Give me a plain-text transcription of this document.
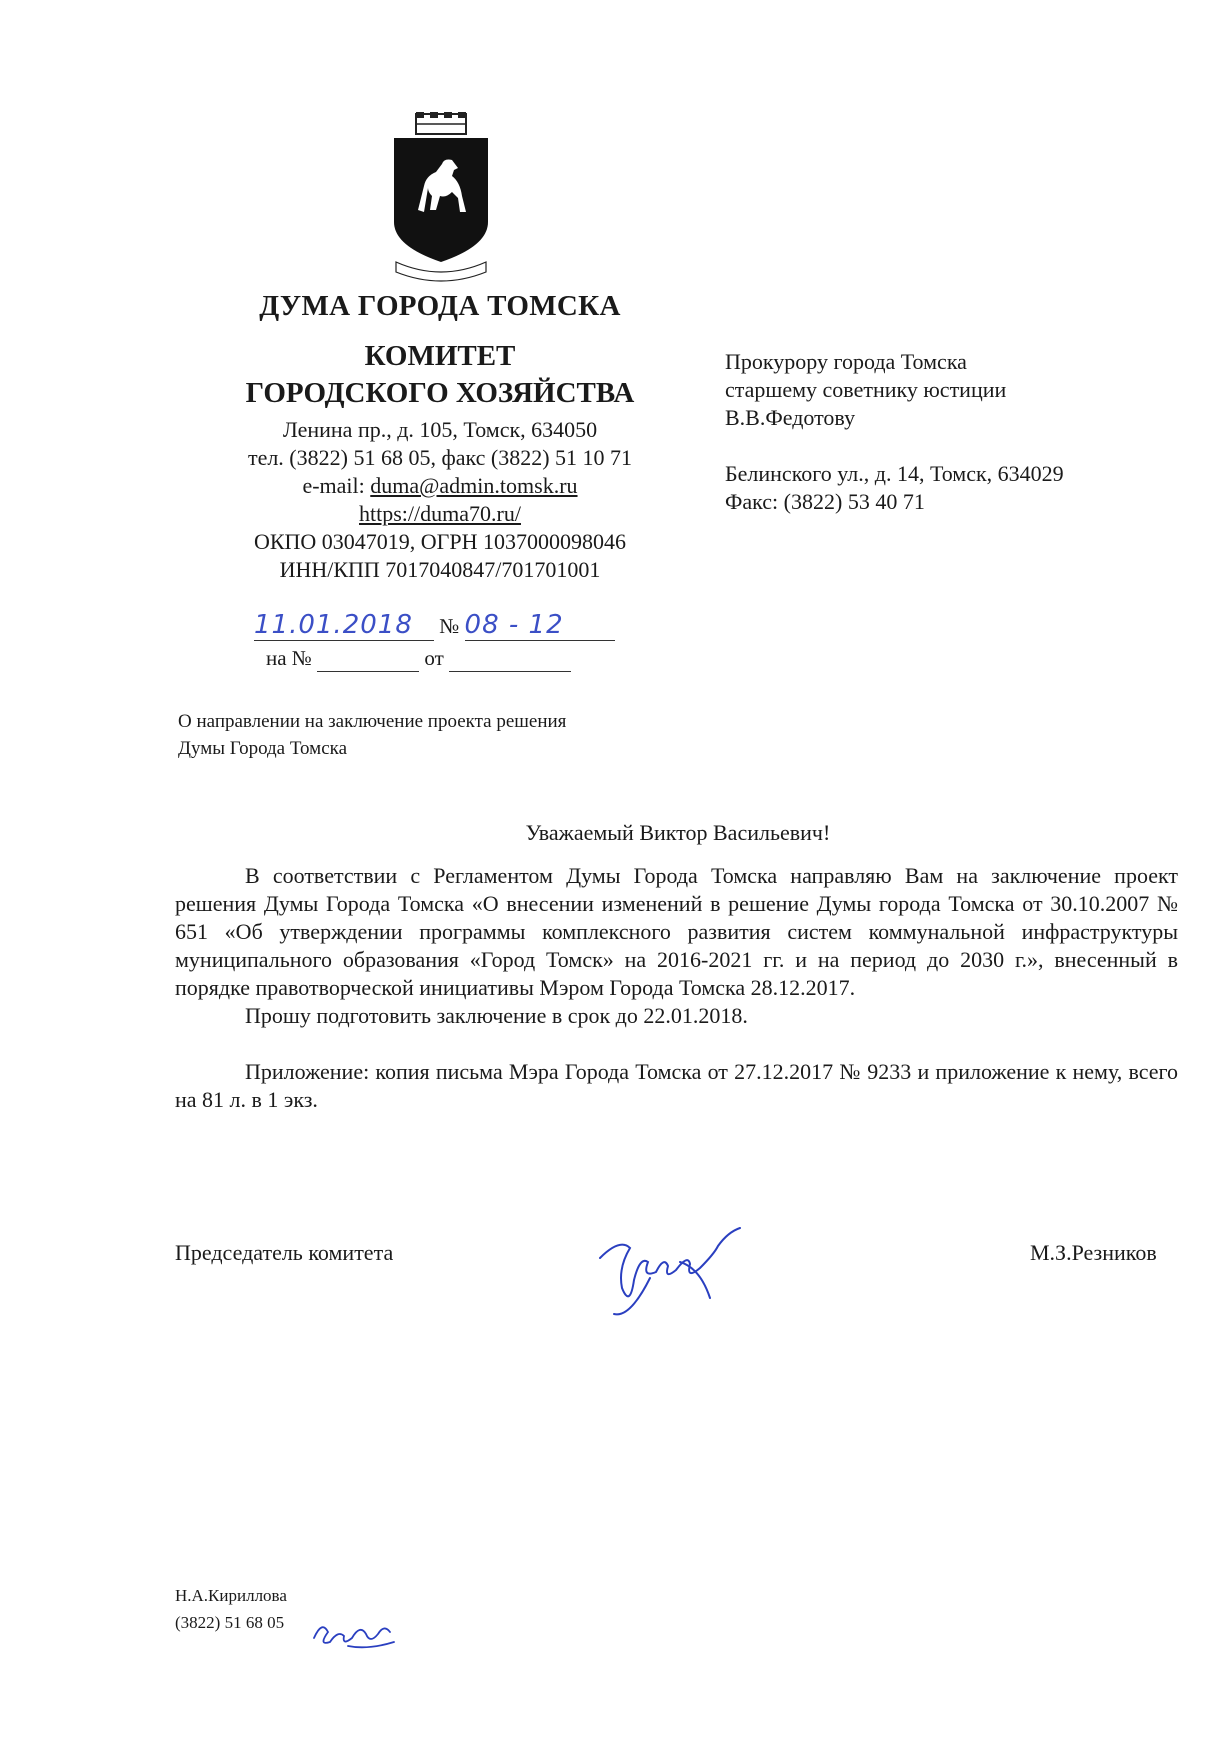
ДУМА ГОРОДА ТОМСКА
КОМИТЕТ
ГОРОДСКОГО ХОЗЯЙСТВА
Ленина пр., д. 105, Томск, 634050
тел. (3822) 51 68 05, факс (3822) 51 10 71
e-mail: duma@admin.tomsk.ru
https://duma70.ru/
ОКПО 03047019, ОГРН 1037000098046
ИНН/КПП 7017040847/701701001
Прокурору города Томска
старшему советнику юстиции
В.В.Федотову
Белинского ул., д. 14, Томск, 634029
Факс: (3822) 53 40 71
11.01.2018 № 08 - 12
на №	от
О направлении на заключение проекта решения
Думы Города Томска
Уважаемый Виктор Васильевич!

В соответствии с Регламентом Думы Города Томска направляю Вам на заключение проект решения Думы Города Томска «О внесении изменений в решение Думы города Томска от 30.10.2007 № 651 «Об утверждении программы комплексного развития систем коммунальной инфраструктуры муниципального образования «Город Томск» на 2016-2021 гг. и на период до 2030 г.», внесенный в порядке правотворческой инициативы Мэром Города Томска 28.12.2017.

Прошу подготовить заключение в срок до 22.01.2018.

Приложение: копия письма Мэра Города Томска от 27.12.2017 № 9233 и приложение к нему, всего на 81 л. в 1 экз.

Председатель комитета	М.З.Резников
Н.А.Кириллова
(3822) 51 68 05
